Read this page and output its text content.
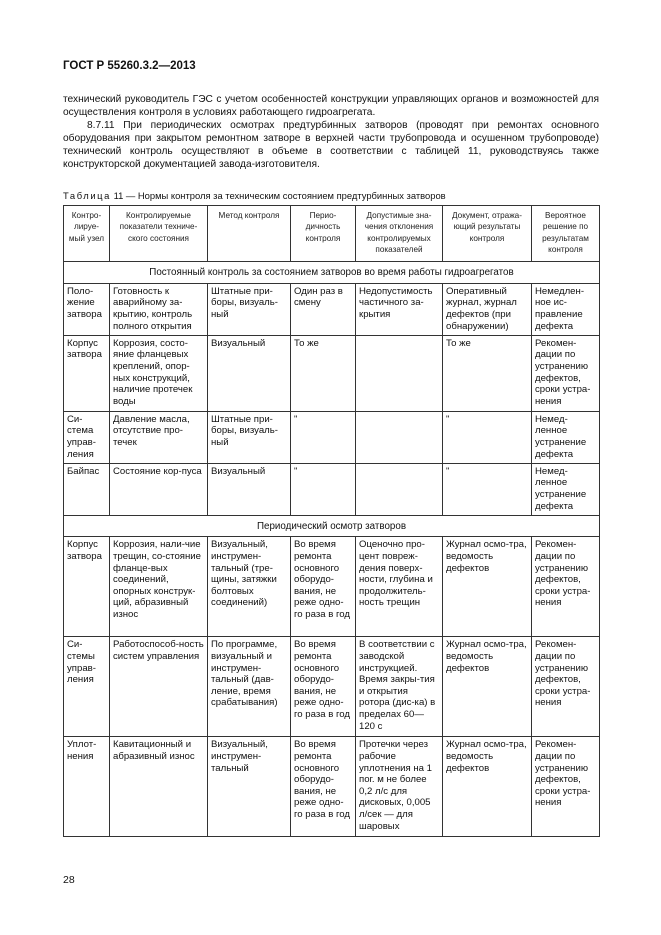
ГОСТ Р 55260.3.2—2013

технический руководитель ГЭС с учетом особенностей конструкции управляющих органов и возможностей для осуществления контроля в условиях работающего гидроагрегата.

8.7.11 При периодических осмотрах предтурбинных затворов (проводят при ремонтах основного оборудования при закрытом ремонтном затворе в верхней части трубопровода и осушенном трубопроводе) технический контроль осуществляют в объеме в соответствии с таблицей 11, руководствуясь также конструкторской документацией завода-изготовителя.

Таблица 11 — Нормы контроля за техническим состоянием предтурбинных затворов
Контро-лируе-мый узел	Контролируемые показатели техниче-ского состояния	Метод контроля	Перио-дичность контроля	Допустимые зна-чения отклонения контролируемых показателей	Документ, отража-ющий результаты контроля	Вероятное решение по результатам контроля
Постоянный контроль за состоянием затворов во время работы гидроагрегатов						
Поло-жение затвора	Готовность к аварийному за-крытию, контроль полного открытия	Штатные при-боры, визуаль-ный	Один раз в смену	Недопустимость частичного за-крытия	Оперативный журнал, журнал дефектов (при обнаружении)	Немедлен-ное ис-правление дефекта
Корпус затвора	Коррозия, состо-яние фланцевых креплений, опор-ных конструкций, наличие протечек воды	Визуальный	То же		То же	Рекомен-дации по устранению дефектов, сроки устра-нения
Си-стема управ-ления	Давление масла, отсутствие про-течек	Штатные при-боры, визуаль-ный	"		"	Немед-ленное устранение дефекта
Байпас	Состояние кор-пуса	Визуальный	"		"	Немед-ленное устранение дефекта
Периодический осмотр затворов						
Корпус затвора	Коррозия, нали-чие трещин, со-стояние фланце-вых соединений, опорных конструк-ций, абразивный износ	Визуальный, инструмен-тальный (тре-щины, затяжки болтовых соединений)	Во время ремонта основного оборудо-вания, не реже одно-го раза в год	Оценочно про-цент повреж-дения поверх-ности, глубина и продолжитель-ность трещин	Журнал осмо-тра, ведомость дефектов	Рекомен-дации по устранению дефектов, сроки устра-нения
Си-стемы управ-ления	Работоспособ-ность систем управления	По программе, визуальный и инструмен-тальный (дав-ление, время срабатывания)	Во время ремонта основного оборудо-вания, не реже одно-го раза в год	В соответствии с заводской инструкцией. Время закры-тия и открытия ротора (дис-ка) в пределах 60—120 с	Журнал осмо-тра, ведомость дефектов	Рекомен-дации по устранению дефектов, сроки устра-нения
Уплот-нения	Кавитационный и абразивный износ	Визуальный, инструмен-тальный	Во время ремонта основного оборудо-вания, не реже одно-го раза в год	Протечки через рабочие уплотнения на 1 пог. м не более 0,2 л/с для дисковых, 0,005 л/сек — для шаровых	Журнал осмо-тра, ведомость дефектов	Рекомен-дации по устранению дефектов, сроки устра-нения
28
